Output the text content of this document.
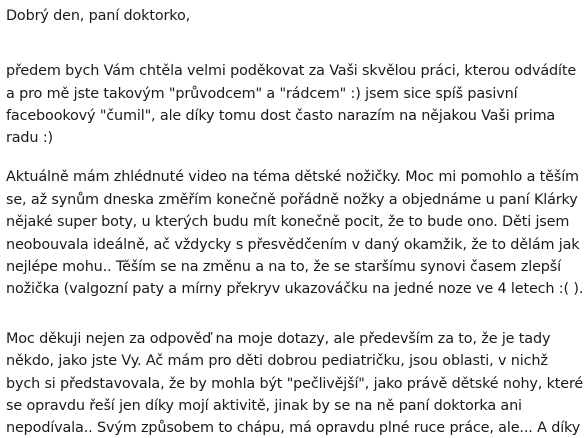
Dobrý den, paní doktorko,
předem bych Vám chtěla velmi poděkovat za Vaši skvělou práci, kterou odvádíte
a pro mě jste takovým "průvodcem" a "rádcem" :) jsem sice spíš pasivní
facebookový "čumil", ale díky tomu dost často narazím na nějakou Vaši prima
radu :)
Aktuálně mám zhlédnuté video na téma dětské nožičky. Moc mi pomohlo a těším
se, až synům dneska změřím konečně pořádně nožky a objednáme u paní Klárky
nějaké super boty, u kterých budu mít konečně pocit, že to bude ono. Děti jsem
neobouvala ideálně, ač vždycky s přesvědčením v daný okamžik, že to dělám jak
nejlépe mohu.. Těším se na změnu a na to, že se staršímu synovi časem zlepší
nožička (valgozní paty a mírny překryv ukazováčku na jedné noze ve 4 letech :( ).
Moc děkuji nejen za odpověď na moje dotazy, ale především za to, že je tady
někdo, jako jste Vy. Ač mám pro děti dobrou pediatričku, jsou oblasti, v nichž
bych si představovala, že by mohla být "pečlivější", jako právě dětské nohy, které
se opravdu řeší jen díky mojí aktivitě, jinak by se na ně paní doktorka ani
nepodívala.. Svým způsobem to chápu, má opravdu plné ruce práce, ale... A díky
